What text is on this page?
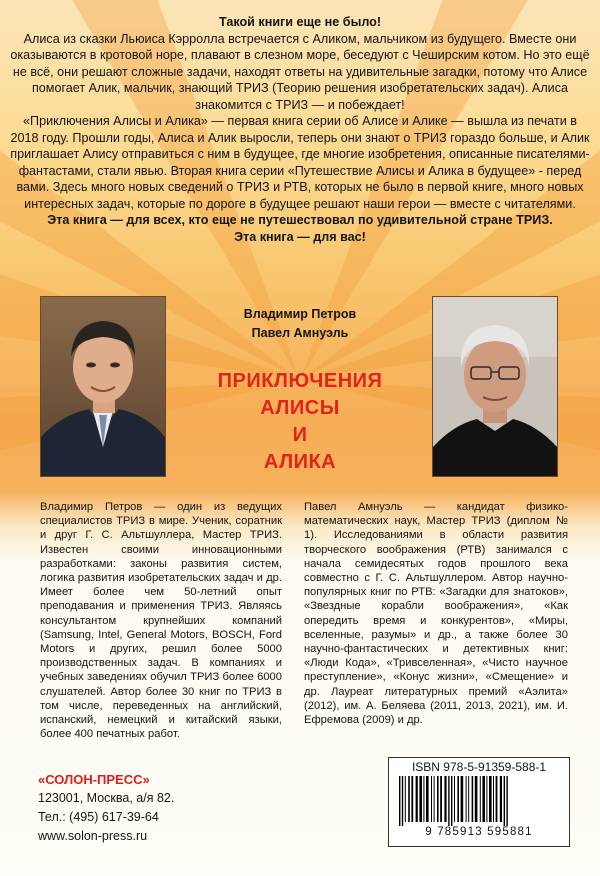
Такой книги еще не было!

Алиса из сказки Льюиса Кэрролла встречается с Аликом, мальчиком из будущего. Вместе они оказываются в кротовой норе, плавают в слезном море, беседуют с Чеширским котом. Но это ещё не всё, они решают сложные задачи, находят ответы на удивительные загадки, потому что Алисе помогает Алик, мальчик, знающий ТРИЗ (Теорию решения изобретательских задач). Алиса знакомится с ТРИЗ — и побеждает!

«Приключения Алисы и Алика» — первая книга серии об Алисе и Алике — вышла из печати в 2018 году. Прошли годы, Алиса и Алик выросли, теперь они знают о ТРИЗ гораздо больше, и Алик приглашает Алису отправиться с ним в будущее, где многие изобретения, описанные писателями-фантастами, стали явью. Вторая книга серии «Путешествие Алисы и Алика в будущее» - перед вами. Здесь много новых сведений о ТРИЗ и РТВ, которых не было в первой книге, много новых интересных задач, которые по дороге в будущее решают наши герои — вместе с читателями.

Эта книга — для всех, кто еще не путешествовал по удивительной стране ТРИЗ.

Эта книга — для вас!

Владимир Петров
Павел Амнуэль
ПРИКЛЮЧЕНИЯ
АЛИСЫ
И
АЛИКА
Владимир Петров — один из ведущих специалистов ТРИЗ в мире. Ученик, соратник и друг Г. С. Альтшуллера, Мастер ТРИЗ. Известен своими инновационными разработками: законы развития систем, логика развития изобретательских задач и др. Имеет более чем 50-летний опыт преподавания и применения ТРИЗ. Являясь консультантом крупнейших компаний (Samsung, Intel, General Motors, BOSCH, Ford Motors и других, решил более 5000 производственных задач. В компаниях и учебных заведениях обучил ТРИЗ более 6000 слушателей. Автор более 30 книг по ТРИЗ в том числе, переведенных на английский, испанский, немецкий и китайский языки, более 400 печатных работ.
Павел Амнуэль — кандидат физико-математических наук, Мастер ТРИЗ (диплом № 1). Исследованиями в области развития творческого воображения (РТВ) занимался с начала семидесятых годов прошлого века совместно с Г. С. Альтшуллером. Автор научно-популярных книг по РТВ: «Загадки для знатоков», «Звездные корабли воображения», «Как опередить время и конкурентов», «Миры, вселенные, разумы» и др., а также более 30 научно-фантастических и детективных книг: «Люди Кода», «Тривселенная», «Чисто научное преступление», «Конус жизни», «Смещение» и др. Лауреат литературных премий «Аэлита» (2012), им. А. Беляева (2011, 2013, 2021), им. И. Ефремова (2009) и др.
«СОЛОН-ПРЕСС»
123001, Москва, а/я 82.
Тел.: (495) 617-39-64
www.solon-press.ru
ISBN 978-5-91359-588-1
9 785913 595881
